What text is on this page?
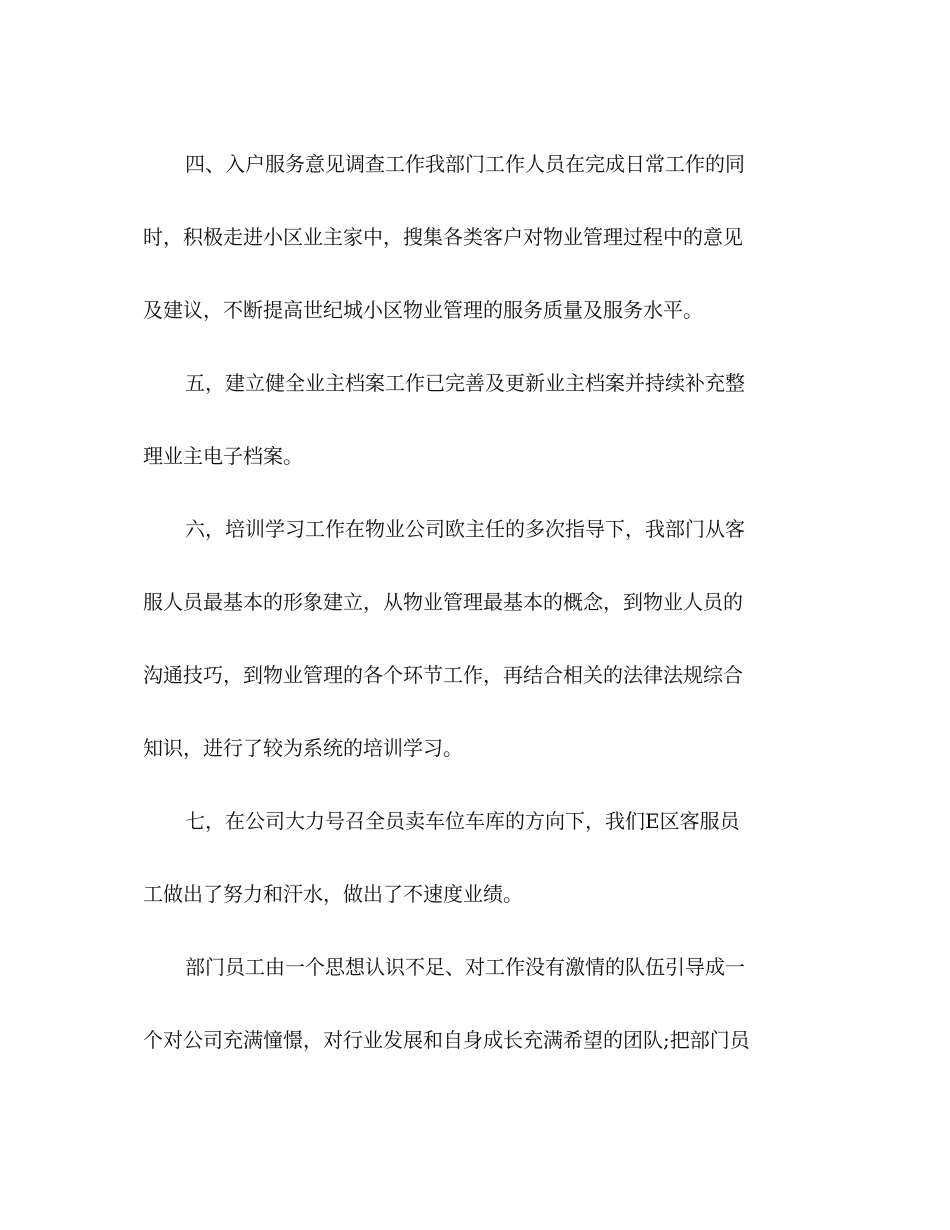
四、入户服务意见调查工作我部门工作人员在完成日常工作的同
时，积极走进小区业主家中，搜集各类客户对物业管理过程中的意见
及建议，不断提高世纪城小区物业管理的服务质量及服务水平。
五，建立健全业主档案工作已完善及更新业主档案并持续补充整
理业主电子档案。
六，培训学习工作在物业公司欧主任的多次指导下，我部门从客
服人员最基本的形象建立，从物业管理最基本的概念，到物业人员的
沟通技巧，到物业管理的各个环节工作，再结合相关的法律法规综合
知识，进行了较为系统的培训学习。
七，在公司大力号召全员卖车位车库的方向下，我们E区客服员
工做出了努力和汗水，做出了不速度业绩。
部门员工由一个思想认识不足、对工作没有激情的队伍引导成一
个对公司充满憧憬，对行业发展和自身成长充满希望的团队;把部门员
